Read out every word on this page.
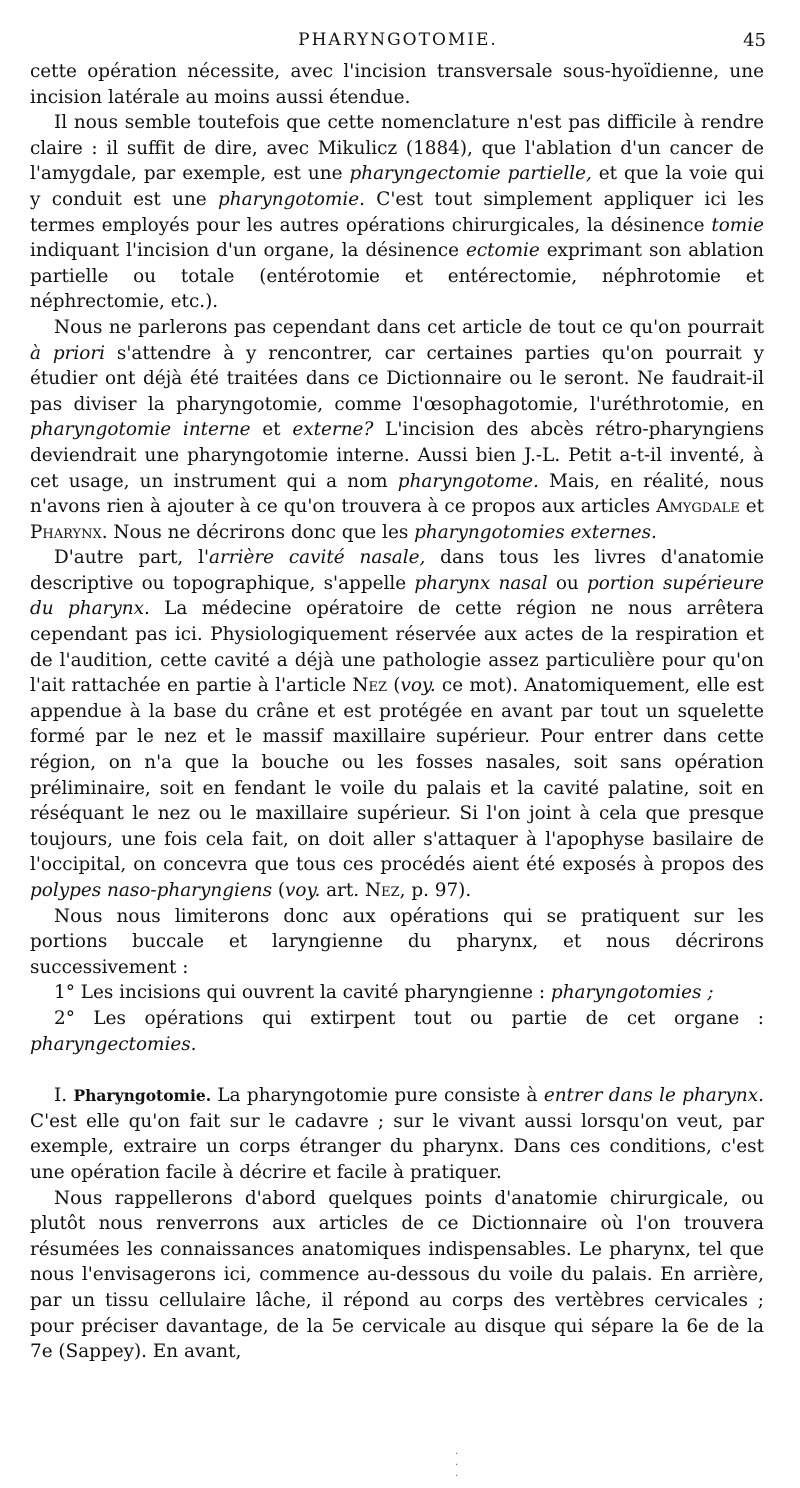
PHARYNGOTOMIE.	45

cette opération nécessite, avec l'incision transversale sous-hyoïdienne, une incision latérale au moins aussi étendue.

Il nous semble toutefois que cette nomenclature n'est pas difficile à rendre claire : il suffit de dire, avec Mikulicz (1884), que l'ablation d'un cancer de l'amygdale, par exemple, est une pharyngectomie partielle, et que la voie qui y conduit est une pharyngotomie. C'est tout simplement appliquer ici les termes employés pour les autres opérations chirurgicales, la désinence tomie indiquant l'incision d'un organe, la désinence ectomie exprimant son ablation partielle ou totale (entérotomie et entérectomie, néphrotomie et néphrectomie, etc.).

Nous ne parlerons pas cependant dans cet article de tout ce qu'on pourrait à priori s'attendre à y rencontrer, car certaines parties qu'on pourrait y étudier ont déjà été traitées dans ce Dictionnaire ou le seront. Ne faudrait-il pas diviser la pharyngotomie, comme l'œsophagotomie, l'uréthrotomie, en pharyngotomie interne et externe? L'incision des abcès rétro-pharyngiens deviendrait une pharyngotomie interne. Aussi bien J.-L. Petit a-t-il inventé, à cet usage, un instrument qui a nom pharyngotome. Mais, en réalité, nous n'avons rien à ajouter à ce qu'on trouvera à ce propos aux articles Amygdale et Pharynx. Nous ne décrirons donc que les pharyngotomies externes.

D'autre part, l'arrière cavité nasale, dans tous les livres d'anatomie descriptive ou topographique, s'appelle pharynx nasal ou portion supérieure du pharynx. La médecine opératoire de cette région ne nous arrêtera cependant pas ici. Physiologiquement réservée aux actes de la respiration et de l'audition, cette cavité a déjà une pathologie assez particulière pour qu'on l'ait rattachée en partie à l'article Nez (voy. ce mot). Anatomiquement, elle est appendue à la base du crâne et est protégée en avant par tout un squelette formé par le nez et le massif maxillaire supérieur. Pour entrer dans cette région, on n'a que la bouche ou les fosses nasales, soit sans opération préliminaire, soit en fendant le voile du palais et la cavité palatine, soit en réséquant le nez ou le maxillaire supérieur. Si l'on joint à cela que presque toujours, une fois cela fait, on doit aller s'attaquer à l'apophyse basilaire de l'occipital, on concevra que tous ces procédés aient été exposés à propos des polypes naso-pharyngiens (voy. art. Nez, p. 97).

Nous nous limiterons donc aux opérations qui se pratiquent sur les portions buccale et laryngienne du pharynx, et nous décrirons successivement :

1° Les incisions qui ouvrent la cavité pharyngienne : pharyngotomies ;

2° Les opérations qui extirpent tout ou partie de cet organe : pharyngectomies.

I. Pharyngotomie. La pharyngotomie pure consiste à entrer dans le pharynx. C'est elle qu'on fait sur le cadavre ; sur le vivant aussi lorsqu'on veut, par exemple, extraire un corps étranger du pharynx. Dans ces conditions, c'est une opération facile à décrire et facile à pratiquer.

Nous rappellerons d'abord quelques points d'anatomie chirurgicale, ou plutôt nous renverrons aux articles de ce Dictionnaire où l'on trouvera résumées les connaissances anatomiques indispensables. Le pharynx, tel que nous l'envisagerons ici, commence au-dessous du voile du palais. En arrière, par un tissu cellulaire lâche, il répond au corps des vertèbres cervicales ; pour préciser davantage, de la 5e cervicale au disque qui sépare la 6e de la 7e (Sappey). En avant,

. . .
